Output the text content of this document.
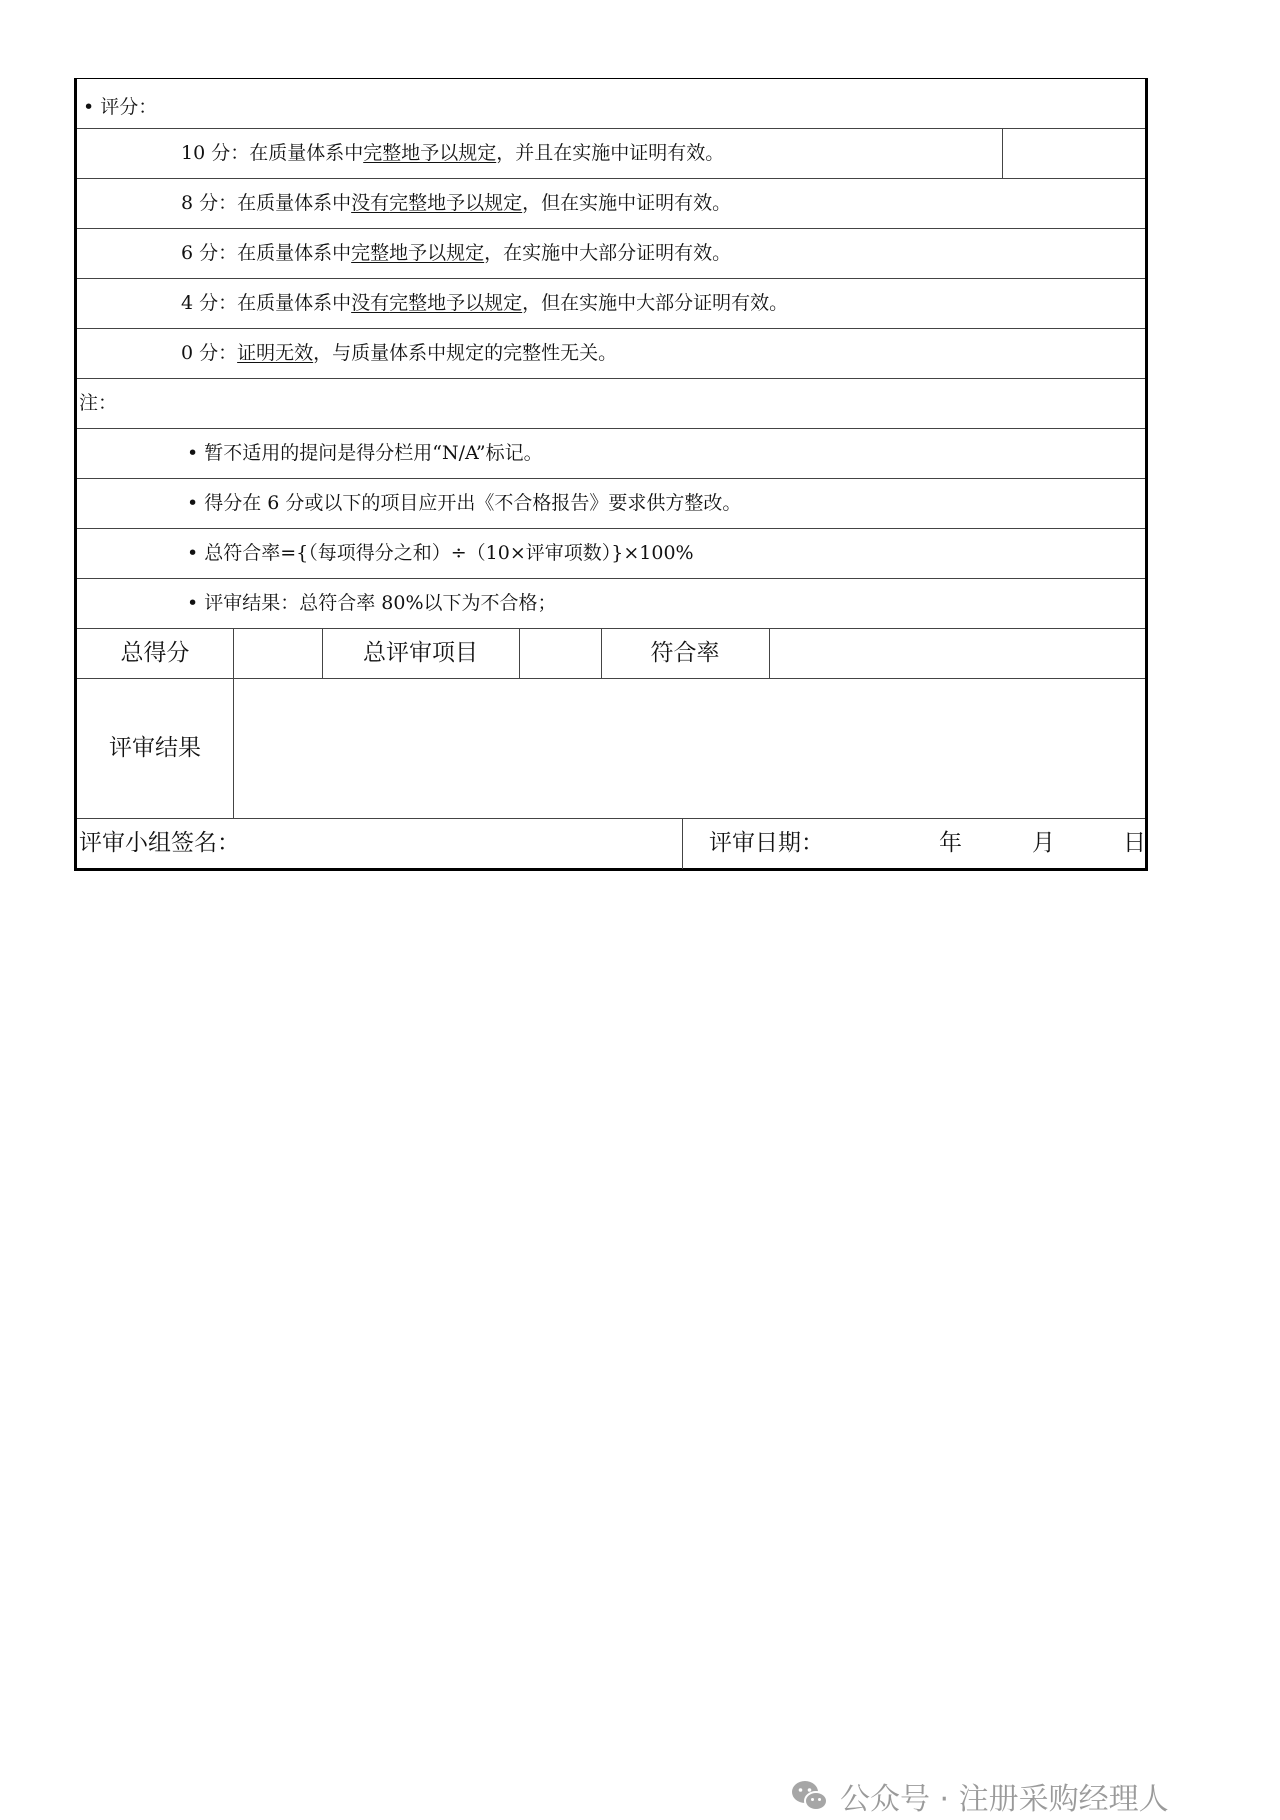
• 评分：
10 分：在质量体系中完整地予以规定，并且在实施中证明有效。
8 分：在质量体系中没有完整地予以规定，但在实施中证明有效。
6 分：在质量体系中完整地予以规定，在实施中大部分证明有效。
4 分：在质量体系中没有完整地予以规定，但在实施中大部分证明有效。
0 分：证明无效，与质量体系中规定的完整性无关。
注：
• 暂不适用的提问是得分栏用“N/A”标记。
• 得分在 6 分或以下的项目应开出《不合格报告》要求供方整改。
• 总符合率={（每项得分之和）÷（10×评审项数）}×100%
• 评审结果：总符合率 80%以下为不合格；
总得分	总评审项目	符合率
评审结果
评审小组签名：	评审日期：	年	月	日
公众号 · 注册采购经理人
